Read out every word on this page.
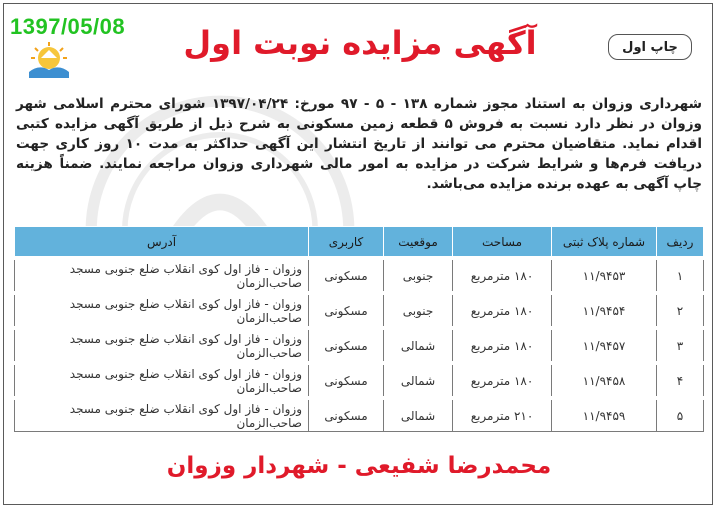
1397/05/08
چاپ اول
آگهی مزایده نوبت اول
شهرداری وزوان به استناد مجوز شماره ۱۳۸ - ۵ - ۹۷ مورخ: ۱۳۹۷/۰۴/۲۴ شورای محترم اسلامی شهر وزوان در نظر دارد نسبت به فروش ۵ قطعه زمین مسکونی به شرح ذیل از طریق آگهی مزایده کتبی اقدام نماید. متقاضیان محترم می توانند از تاریخ انتشار این آگهی حداکثر به مدت ۱۰ روز کاری جهت دریافت فرم‌ها و شرایط شرکت در مزایده به امور مالی شهرداری وزوان مراجعه نمایند. ضمناً هزینه چاپ آگهی به عهده برنده مزایده می‌باشد.
ردیف	شماره پلاک ثبتی	مساحت	موقعیت	کاربری	آدرس
۱	۱۱/۹۴۵۳	۱۸۰ مترمربع	جنوبی	مسکونی	وزوان - فاز اول کوی انقلاب ضلع جنوبی مسجد صاحب‌الزمان
۲	۱۱/۹۴۵۴	۱۸۰ مترمربع	جنوبی	مسکونی	وزوان - فاز اول کوی انقلاب ضلع جنوبی مسجد صاحب‌الزمان
۳	۱۱/۹۴۵۷	۱۸۰ مترمربع	شمالی	مسکونی	وزوان - فاز اول کوی انقلاب ضلع جنوبی مسجد صاحب‌الزمان
۴	۱۱/۹۴۵۸	۱۸۰ مترمربع	شمالی	مسکونی	وزوان - فاز اول کوی انقلاب ضلع جنوبی مسجد صاحب‌الزمان
۵	۱۱/۹۴۵۹	۲۱۰ مترمربع	شمالی	مسکونی	وزوان - فاز اول کوی انقلاب ضلع جنوبی مسجد صاحب‌الزمان
محمدرضا شفیعی - شهردار وزوان
